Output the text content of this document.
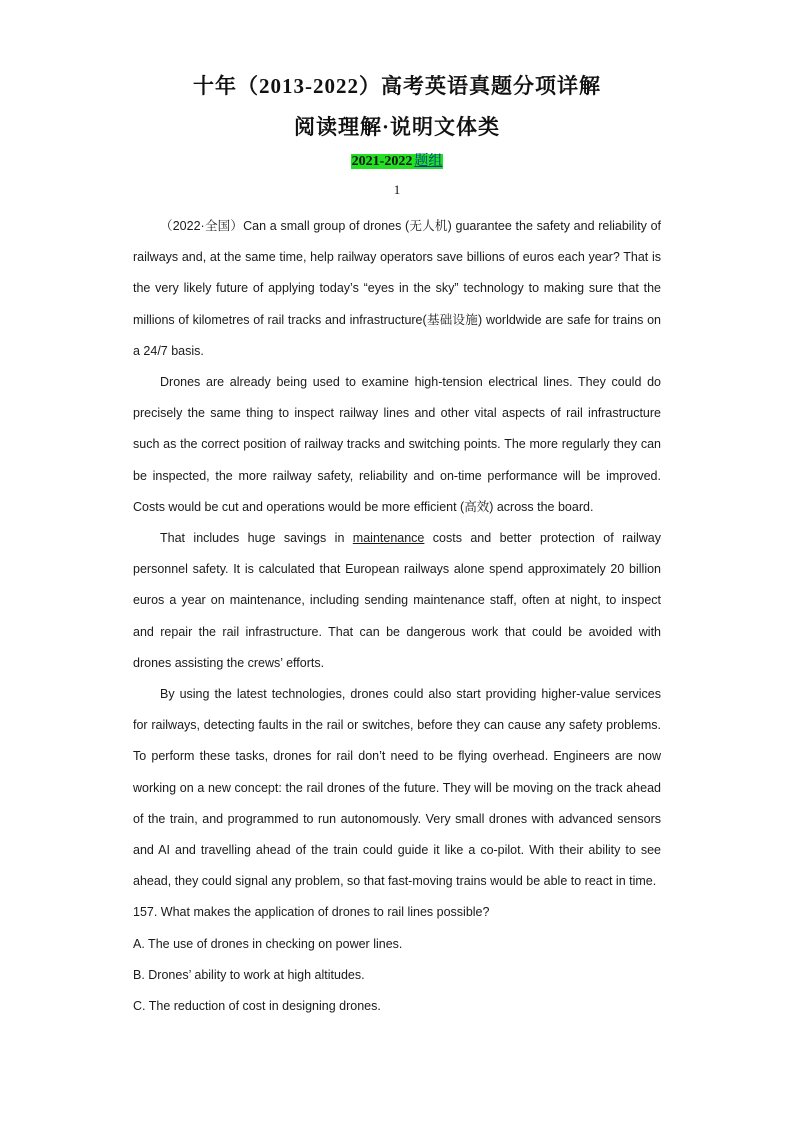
十年（2013-2022）高考英语真题分项详解
阅读理解·说明文体类
2021-2022 题组
1

（2022·全国）Can a small group of drones (无人机) guarantee the safety and reliability of railways and, at the same time, help railway operators save billions of euros each year? That is the very likely future of applying today’s “eyes in the sky” technology to making sure that the millions of kilometres of rail tracks and infrastructure(基础设施) worldwide are safe for trains on a 24/7 basis.

Drones are already being used to examine high-tension electrical lines. They could do precisely the same thing to inspect railway lines and other vital aspects of rail infrastructure such as the correct position of railway tracks and switching points. The more regularly they can be inspected, the more railway safety, reliability and on-time performance will be improved. Costs would be cut and operations would be more efficient (高效) across the board.

That includes huge savings in maintenance costs and better protection of railway personnel safety. It is calculated that European railways alone spend approximately 20 billion euros a year on maintenance, including sending maintenance staff, often at night, to inspect and repair the rail infrastructure. That can be dangerous work that could be avoided with drones assisting the crews’ efforts.

By using the latest technologies, drones could also start providing higher-value services for railways, detecting faults in the rail or switches, before they can cause any safety problems. To perform these tasks, drones for rail don’t need to be flying overhead. Engineers are now working on a new concept: the rail drones of the future. They will be moving on the track ahead of the train, and programmed to run autonomously. Very small drones with advanced sensors and AI and travelling ahead of the train could guide it like a co-pilot. With their ability to see ahead, they could signal any problem, so that fast-moving trains would be able to react in time.

157. What makes the application of drones to rail lines possible?

A. The use of drones in checking on power lines.

B. Drones’ ability to work at high altitudes.

C. The reduction of cost in designing drones.
